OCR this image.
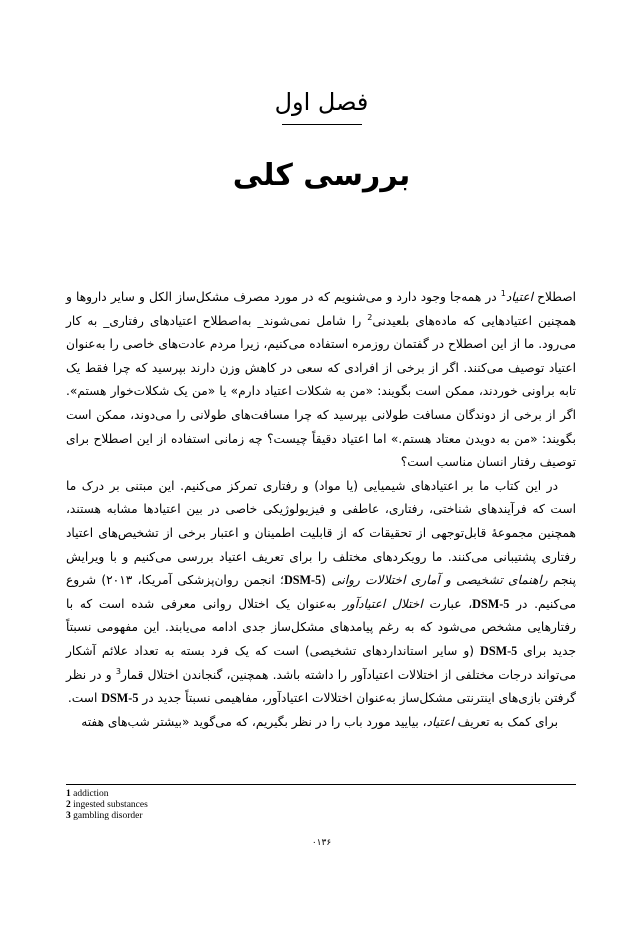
فصل اول
بررسی کلی

اصطلاح اعتیاد$^1$ در همه‌جا وجود دارد و می‌شنویم که در مورد مصرف مشکل‌ساز الکل و سایر داروها و همچنین اعتیادهایی که ماده‌های بلعیدنی$^2$ را شامل نمی‌شوند_ به‌اصطلاح اعتیادهای رفتاری_ به کار می‌رود. ما از این اصطلاح در گفتمان روزمره استفاده می‌کنیم، زیرا مردم عادت‌های خاصی را به‌عنوان اعتیاد توصیف می‌کنند. اگر از برخی از افرادی که سعی در کاهش وزن دارند بپرسید که چرا فقط یک تابه براونی خوردند، ممکن است بگویند: «من به شکلات اعتیاد دارم» یا «من یک شکلات‌خوار هستم». اگر از برخی از دوندگان مسافت طولانی بپرسید که چرا مسافت‌های طولانی را می‌دوند، ممکن است بگویند: «من به دویدن معتاد هستم.» اما اعتیاد دقیقاً چیست؟ چه زمانی استفاده از این اصطلاح برای توصیف رفتار انسان مناسب است؟

در این کتاب ما بر اعتیادهای شیمیایی (یا مواد) و رفتاری تمرکز می‌کنیم. این مبتنی بر درک ما است که فرآیندهای شناختی، رفتاری، عاطفی و فیزیولوژیکی خاصی در بین اعتیادها مشابه هستند، همچنین مجموعهٔ قابل‌توجهی از تحقیقات که از قابلیت اطمینان و اعتبار برخی از تشخیص‌های اعتیاد رفتاری پشتیبانی می‌کنند. ما رویکردهای مختلف را برای تعریف اعتیاد بررسی می‌کنیم و با ویرایش پنجم راهنمای تشخیصی و آماری اختلالات روانی (DSM-5؛ انجمن روان‌پزشکی آمریکا، ۲۰۱۳) شروع می‌کنیم. در DSM-5، عبارت اختلال اعتیادآور به‌عنوان یک اختلال روانی معرفی شده است که با رفتارهایی مشخص می‌شود که به رغم پیامدهای مشکل‌ساز جدی ادامه می‌یابند. این مفهومی نسبتاً جدید برای DSM-5 (و سایر استانداردهای تشخیصی) است که یک فرد بسته به تعداد علائم آشکار می‌تواند درجات مختلفی از اختلالات اعتیادآور را داشته باشد. همچنین، گنجاندن اختلال قمار$^3$ و در نظر گرفتن بازی‌های اینترنتی مشکل‌ساز به‌عنوان اختلالات اعتیادآور، مفاهیمی نسبتاً جدید در DSM-5 است.

برای کمک به تعریف اعتیاد، بیایید مورد باب را در نظر بگیریم، که می‌گوید «بیشتر شب‌های هفته

1 addiction
2 ingested substances
3 gambling disorder
۰۱۳۶
